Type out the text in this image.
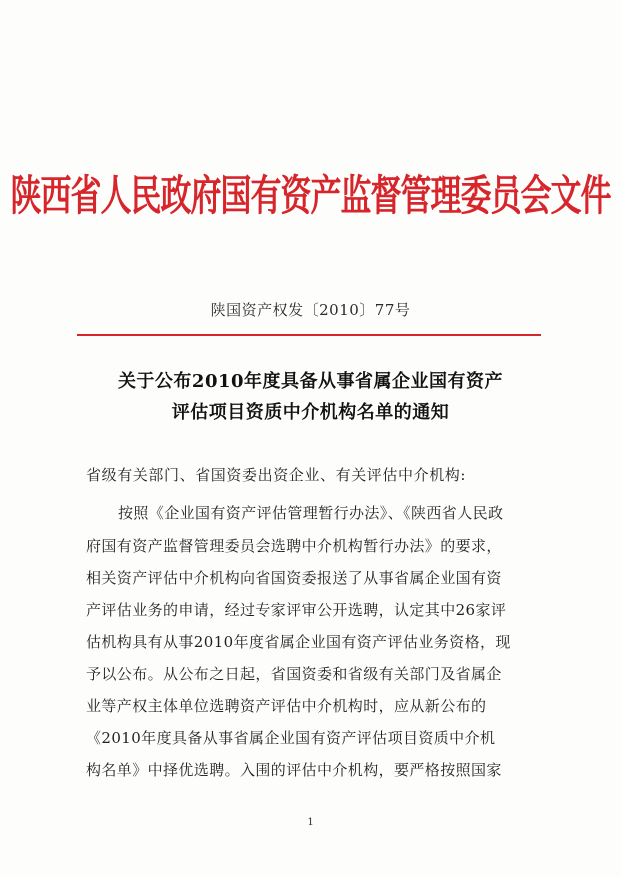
陕西省人民政府国有资产监督管理委员会文件
陕国资产权发〔2010〕77号
关于公布2010年度具备从事省属企业国有资产
评估项目资质中介机构名单的通知
省级有关部门、省国资委出资企业、有关评估中介机构:
按照《企业国有资产评估管理暂行办法》、《陕西省人民政
府国有资产监督管理委员会选聘中介机构暂行办法》的要求，
相关资产评估中介机构向省国资委报送了从事省属企业国有资
产评估业务的申请，经过专家评审公开选聘，认定其中26家评
估机构具有从事2010年度省属企业国有资产评估业务资格，现
予以公布。从公布之日起，省国资委和省级有关部门及省属企
业等产权主体单位选聘资产评估中介机构时，应从新公布的
《2010年度具备从事省属企业国有资产评估项目资质中介机
构名单》中择优选聘。入围的评估中介机构，要严格按照国家
1
